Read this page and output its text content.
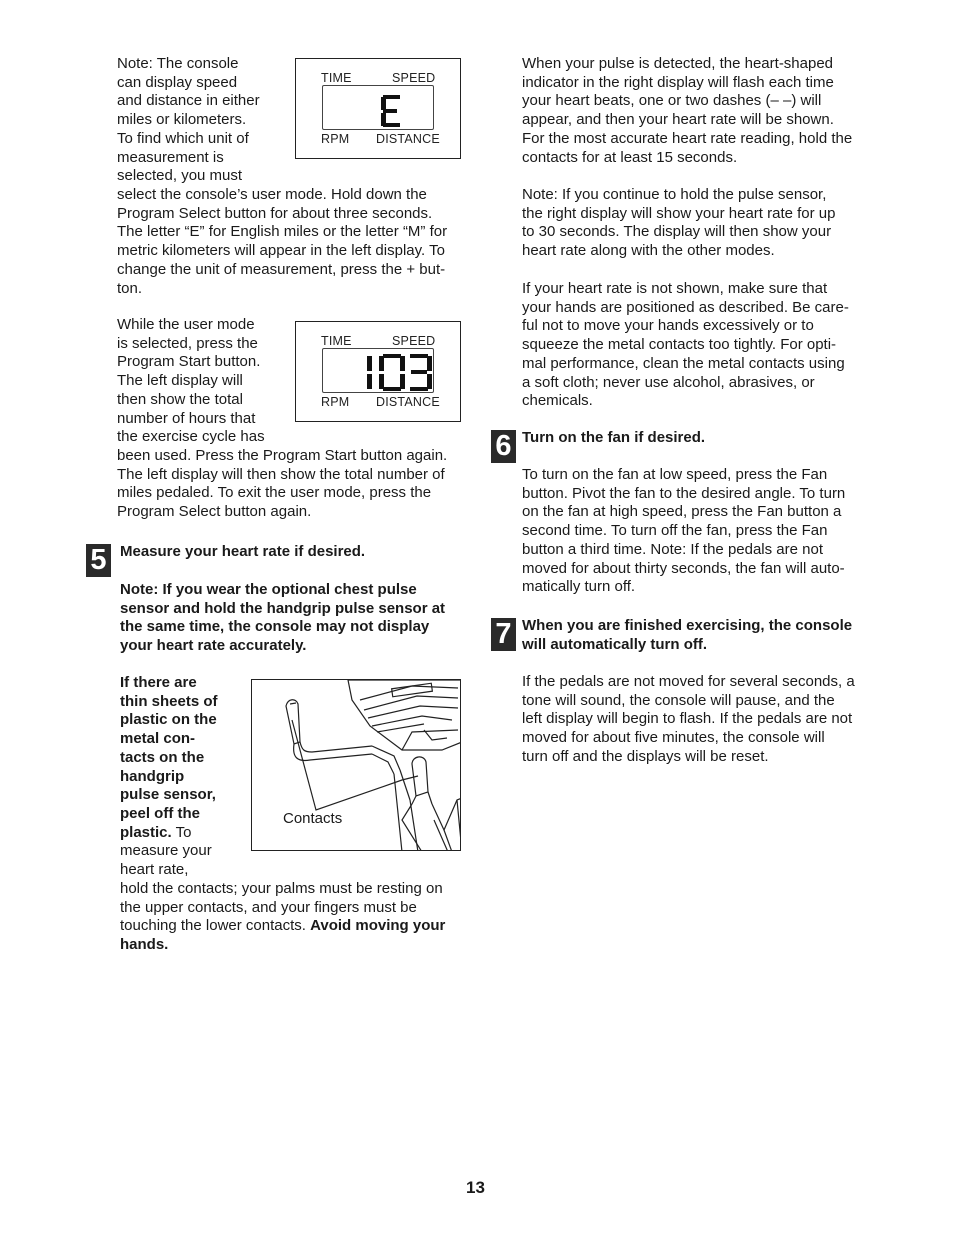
Note: The console

can display speed

and distance in either

miles or kilometers.

To find which unit of

measurement is

selected, you must

select the console’s user mode. Hold down the

Program Select button for about three seconds.

The letter “E” for English miles or the letter “M” for

metric kilometers will appear in the left display. To

change the unit of measurement, press the + but-

ton.

TIME	SPEED
RPM DISTANCE

While the user mode

is selected, press the

Program Start button.

The left display will

then show the total

number of hours that

the exercise cycle has

been used. Press the Program Start button again.

The left display will then show the total number of

miles pedaled. To exit the user mode, press the

Program Select button again.

TIME	SPEED
RPM DISTANCE
5 Measure your heart rate if desired.

Note: If you wear the optional chest pulse

sensor and hold the handgrip pulse sensor at

the same time, the console may not display

your heart rate accurately.

If there are

thin sheets of

plastic on the

metal con-

tacts on the

handgrip

pulse sensor,

peel off the

plastic. To

measure your

heart rate,

hold the contacts; your palms must be resting on

the upper contacts, and your fingers must be

touching the lower contacts. Avoid moving your

hands.

Contacts

When your pulse is detected, the heart-shaped

indicator in the right display will flash each time

your heart beats, one or two dashes (– –) will

appear, and then your heart rate will be shown.

For the most accurate heart rate reading, hold the

contacts for at least 15 seconds.

Note: If you continue to hold the pulse sensor,

the right display will show your heart rate for up

to 30 seconds. The display will then show your

heart rate along with the other modes.

If your heart rate is not shown, make sure that

your hands are positioned as described. Be care-

ful not to move your hands excessively or to

squeeze the metal contacts too tightly. For opti-

mal performance, clean the metal contacts using

a soft cloth; never use alcohol, abrasives, or

chemicals.

6 Turn on the fan if desired.

To turn on the fan at low speed, press the Fan

button. Pivot the fan to the desired angle. To turn

on the fan at high speed, press the Fan button a

second time. To turn off the fan, press the Fan

button a third time. Note: If the pedals are not

moved for about thirty seconds, the fan will auto-

matically turn off.

7 When you are finished exercising, the console

will automatically turn off.

If the pedals are not moved for several seconds, a

tone will sound, the console will pause, and the

left display will begin to flash. If the pedals are not

moved for about five minutes, the console will

turn off and the displays will be reset.

13
